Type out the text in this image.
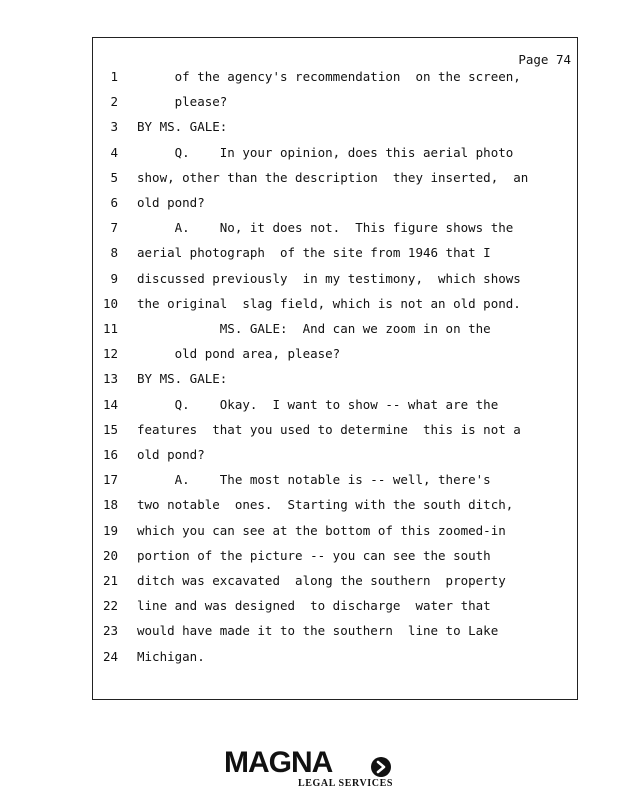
Page 74
1 of the agency's recommendation  on the screen,
2 please?
3 BY MS. GALE:
4 Q.    In your opinion, does this aerial photo
5 show, other than the description  they inserted,  an
6 old pond?
7 A.    No, it does not.  This figure shows the
8 aerial photograph  of the site from 1946 that I
9 discussed previously  in my testimony,  which shows
10 the original  slag field, which is not an old pond.
11 MS. GALE:  And can we zoom in on the
12 old pond area, please?
13 BY MS. GALE:
14 Q.    Okay.  I want to show -- what are the
15 features  that you used to determine  this is not a
16 old pond?
17 A.    The most notable is -- well, there's
18 two notable  ones.  Starting with the south ditch,
19 which you can see at the bottom of this zoomed-in
20 portion of the picture -- you can see the south
21 ditch was excavated  along the southern  property
22 line and was designed  to discharge  water that
23 would have made it to the southern  line to Lake
24 Michigan.
MAGNA
LEGAL SERVICES
